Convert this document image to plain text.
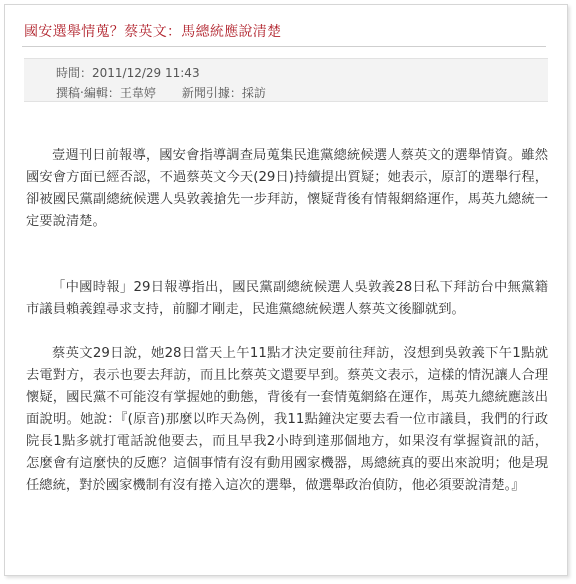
國安選舉情蒐？蔡英文：馬總統應說清楚
時間：2011/12/29 11:43
撰稿‧編輯：王韋婷 新聞引據：採訪

壹週刊日前報導，國安會指導調查局蒐集民進黨總統候選人蔡英文的選舉情資。雖然國安會方面已經否認，不過蔡英文今天(29日)持續提出質疑；她表示，原訂的選舉行程，卻被國民黨副總統候選人吳敦義搶先一步拜訪，懷疑背後有情報網絡運作，馬英九總統一定要說清楚。

「中國時報」29日報導指出，國民黨副總統候選人吳敦義28日私下拜訪台中無黨籍市議員賴義鍠尋求支持，前腳才剛走，民進黨總統候選人蔡英文後腳就到。

蔡英文29日說，她28日當天上午11點才決定要前往拜訪，沒想到吳敦義下午1點就去電對方，表示也要去拜訪，而且比蔡英文還要早到。蔡英文表示，這樣的情況讓人合理懷疑，國民黨不可能沒有掌握她的動態，背後有一套情蒐網絡在運作，馬英九總統應該出面說明。她說：『(原音)那麼以昨天為例，我11點鐘決定要去看一位市議員，我們的行政院長1點多就打電話說他要去，而且早我2小時到達那個地方，如果沒有掌握資訊的話，怎麼會有這麼快的反應？這個事情有沒有動用國家機器，馬總統真的要出來說明；他是現任總統，對於國家機制有沒有捲入這次的選舉，做選舉政治偵防，他必須要說清楚。』
